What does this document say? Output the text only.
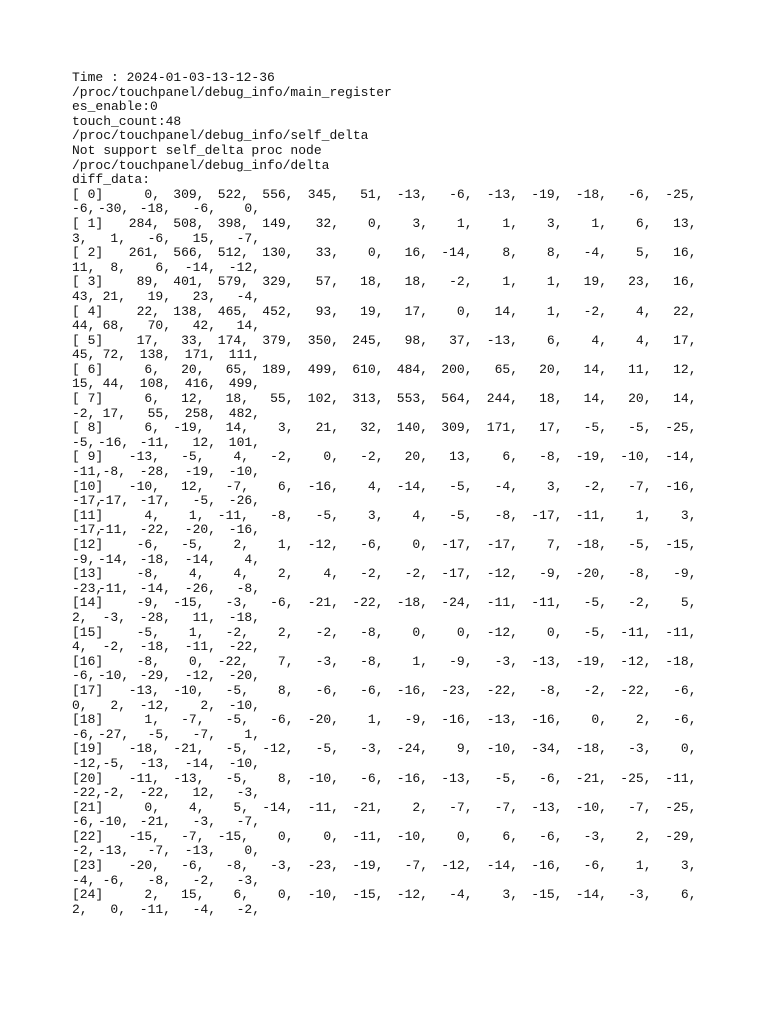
Time : 2024-01-03-13-12-36
/proc/touchpanel/debug_info/main_register
es_enable:0
touch_count:48
/proc/touchpanel/debug_info/self_delta
Not support self_delta proc node
/proc/touchpanel/debug_info/delta
diff_data:
[ 0]	0,	309,	522,	556,	345,	51,	-13,	-6,	-13,	-19,	-18,	-6,	-25,
-6, -30, -18,	-6,	0,
[ 1]	284,	508,	398,	149,	32,	0,	3,	1,	1,	3,	1,	6,	13,
3,	1,	-6,	15,	-7,
[ 2]	261,	566,	512,	130,	33,	0,	16,	-14,	8,	8,	-4,	5,	16,
11,	8,	6,	-14, -12,
[ 3]	89,	401,	579,	329,	57,	18,	18,	-2,	1,	1,	19,	23,	16,
43, 21,	19,	23,	-4,
[ 4]	22,	138,	465,	452,	93,	19,	17,	0,	14,	1,	-2,	4,	22,
44, 68,	70,	42,	14,
[ 5]	17,	33,	174,	379,	350,	245,	98,	37,	-13,	6,	4,	4,	17,
45, 72,	138,	171, 111,
[ 6]	6,	20,	65,	189,	499,	610,	484,	200,	65,	20,	14,	11,	12,
15, 44,	108,	416, 499,
[ 7]	6,	12,	18,	55,	102,	313,	553,	564,	244,	18,	14,	20,	14,
-2, 17,	55,	258, 482,
[ 8]	6,	-19,	14,	3,	21,	32,	140,	309,	171,	17,	-5,	-5,	-25,
-5, -16, -11,	12, 101,
[ 9]	-13,	-5,	4,	-2,	0,	-2,	20,	13,	6,	-8,	-19,	-10,	-14,
-11, -8,	-28,	-19, -10,
[10]	-10,	12,	-7,	6,	-16,	4,	-14,	-5,	-4,	3,	-2,	-7,	-16,
-17,
-17, -17,	-5, -26,
[11]	4,	1,	-11,	-8,	-5,	3,	4,	-5,	-8,	-17,	-11,	1,	3,
-17,
-11, -22,	-20, -16,
[12]	-6,	-5,	2,	1,	-12,	-6,	0,	-17,	-17,	7,	-18,	-5,	-15,
-9, -14, -18,	-14,	4,
[13]	-8,	4,	4,	2,	4,	-2,	-2,	-17,	-12,	-9,	-20,	-8,	-9,
-23,
-11, -14,	-26,	-8,
[14]	-9,	-15,	-3,	-6,	-21,	-22,	-18,	-24,	-11,	-11,	-5,	-2,	5,
2,	-3,	-28,	11, -18,
[15]	-5,	1,	-2,	2,	-2,	-8,	0,	0,	-12,	0,	-5,	-11,	-11,
4,	-2,	-18,	-11, -22,
[16]	-8,	0,	-22,	7,	-3,	-8,	1,	-9,	-3,	-13,	-19,	-12,	-18,
-6, -10, -29,	-12, -20,
[17]	-13,	-10,	-5,	8,	-6,	-6,	-16,	-23,	-22,	-8,	-2,	-22,	-6,
0,	2,	-12,	2, -10,
[18]	1,	-7,	-5,	-6,	-20,	1,	-9,	-16,	-13,	-16,	0,	2,	-6,
-6, -27,	-5,	-7,	1,
[19]	-18,	-21,	-5,	-12,	-5,	-3,	-24,	9,	-10,	-34,	-18,	-3,	0,
-12, -5,	-13,	-14, -10,
[20]	-11,	-13,	-5,	8,	-10,	-6,	-16,	-13,	-5,	-6,	-21,	-25,	-11,
-22, -2,	-22,	12,	-3,
[21]	0,	4,	5,	-14,	-11,	-21,	2,	-7,	-7,	-13,	-10,	-7,	-25,
-6, -10, -21,	-3,	-7,
[22]	-15,	-7,	-15,	0,	0,	-11,	-10,	0,	6,	-6,	-3,	2,	-29,
-2, -13,	-7,	-13,	0,
[23]	-20,	-6,	-8,	-3,	-23,	-19,	-7,	-12,	-14,	-16,	-6,	1,	3,
-4, -6,	-8,	-2,	-3,
[24]	2,	15,	6,	0,	-10,	-15,	-12,	-4,	3,	-15,	-14,	-3,	6,
2,	0,	-11,	-4,	-2,
